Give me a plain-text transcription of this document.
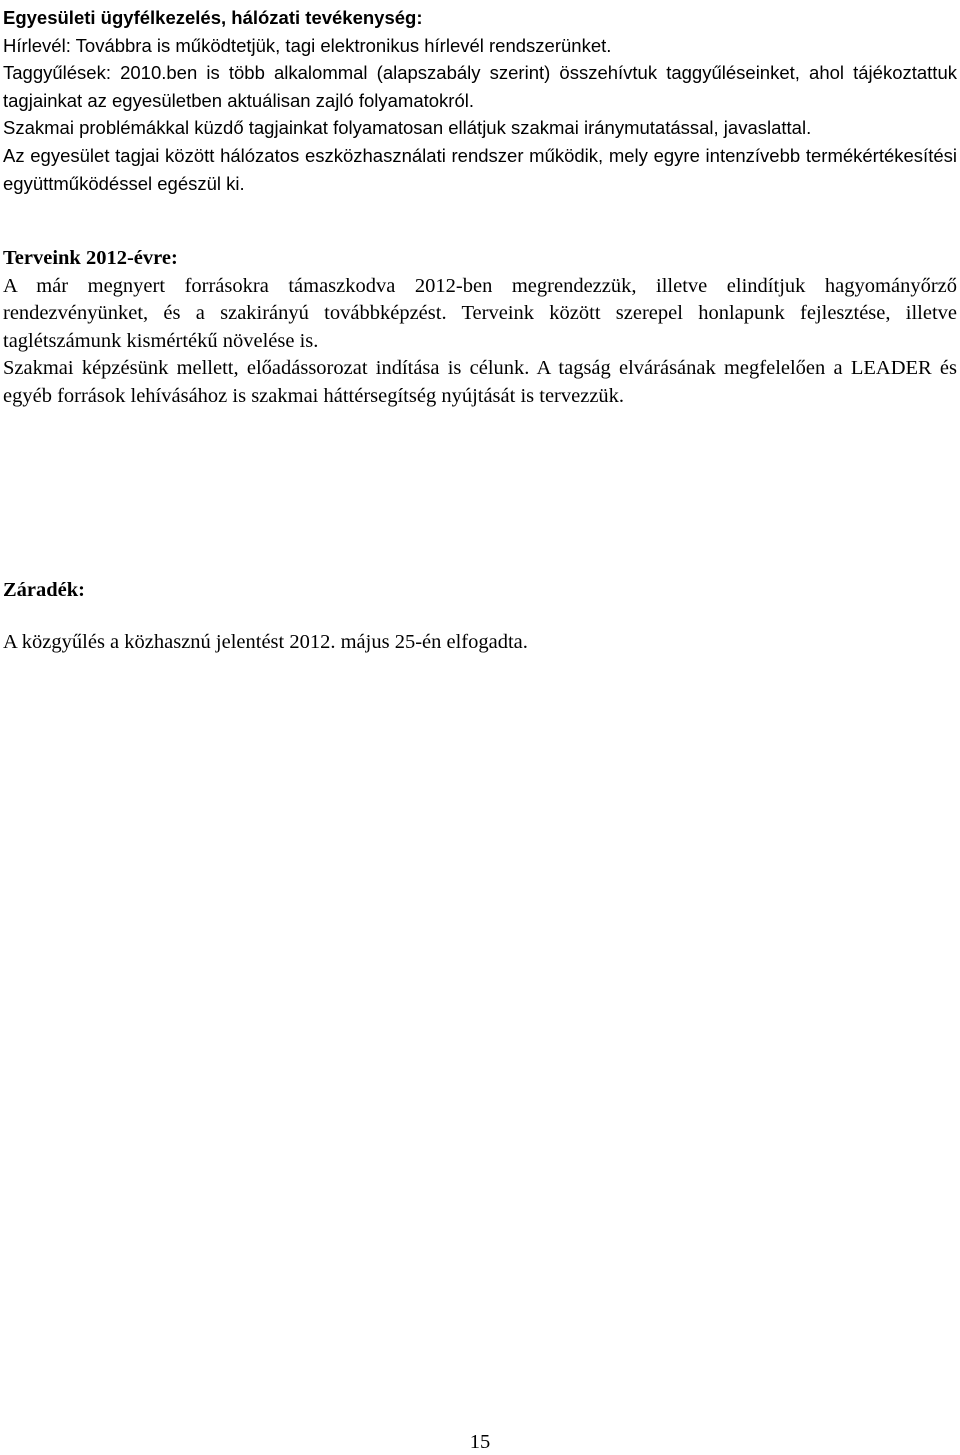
Egyesületi ügyfélkezelés, hálózati tevékenység:

Hírlevél: Továbbra is működtetjük, tagi elektronikus hírlevél rendszerünket.

Taggyűlések: 2010.ben is több alkalommal (alapszabály szerint) összehívtuk taggyűléseinket, ahol tájékoztattuk tagjainkat az egyesületben aktuálisan zajló folyamatokról.

Szakmai problémákkal küzdő tagjainkat folyamatosan ellátjuk szakmai iránymutatással, javaslattal.

Az egyesület tagjai között hálózatos eszközhasználati rendszer működik, mely egyre intenzívebb termékértékesítési együttműködéssel egészül ki.

Terveink 2012-évre:

A már megnyert forrásokra támaszkodva 2012-ben megrendezzük, illetve elindítjuk hagyományőrző rendezvényünket, és a szakirányú továbbképzést. Terveink között szerepel honlapunk fejlesztése, illetve taglétszámunk kismértékű növelése is.

Szakmai képzésünk mellett, előadássorozat indítása is célunk. A tagság elvárásának megfelelően a LEADER és egyéb források lehívásához is szakmai háttérsegítség nyújtását is tervezzük.

Záradék:

A közgyűlés a közhasznú jelentést 2012. május 25-én elfogadta.

15
